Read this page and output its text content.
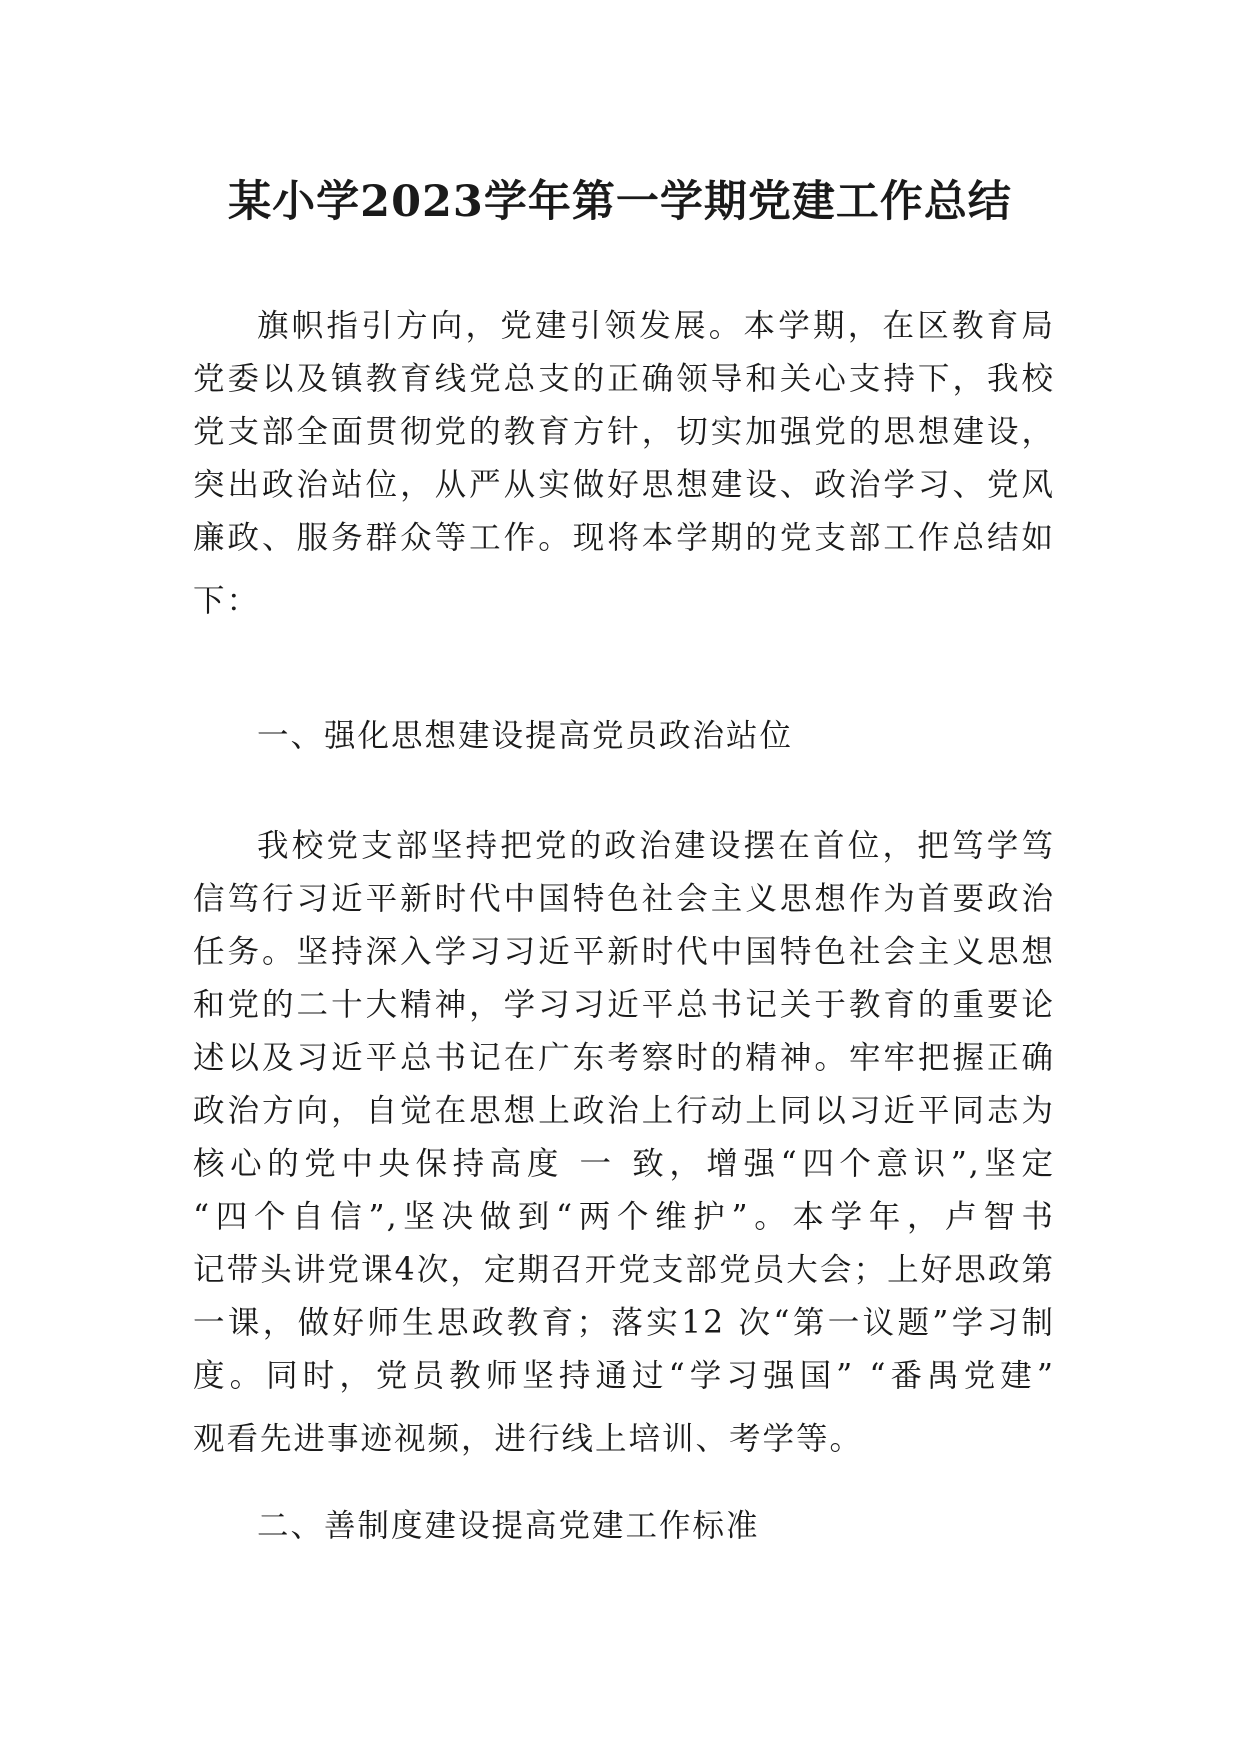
某小学2023学年第一学期党建工作总结
旗帜指引方向，党建引领发展。本学期，在区教育局
党委以及镇教育线党总支的正确领导和关心支持下，我校
党支部全面贯彻党的教育方针，切实加强党的思想建设，
突出政治站位，从严从实做好思想建设、政治学习、党风
廉政、服务群众等工作。现将本学期的党支部工作总结如
下：
一、强化思想建设提高党员政治站位
我校党支部坚持把党的政治建设摆在首位，把笃学笃
信笃行习近平新时代中国特色社会主义思想作为首要政治
任务。坚持深入学习习近平新时代中国特色社会主义思想
和党的二十大精神，学习习近平总书记关于教育的重要论
述以及习近平总书记在广东考察时的精神。牢牢把握正确
政治方向，自觉在思想上政治上行动上同以习近平同志为
核心的党中央保持高度 一 致，增强“四个意识”,坚定
“四个自信”,坚决做到“两个维护”。本学年，卢智书
记带头讲党课4次，定期召开党支部党员大会；上好思政第
一课，做好师生思政教育；落实12 次“第一议题”学习制
度。同时，党员教师坚持通过“学习强国” “番禺党建”
观看先进事迹视频，进行线上培训、考学等。
二、善制度建设提高党建工作标准
